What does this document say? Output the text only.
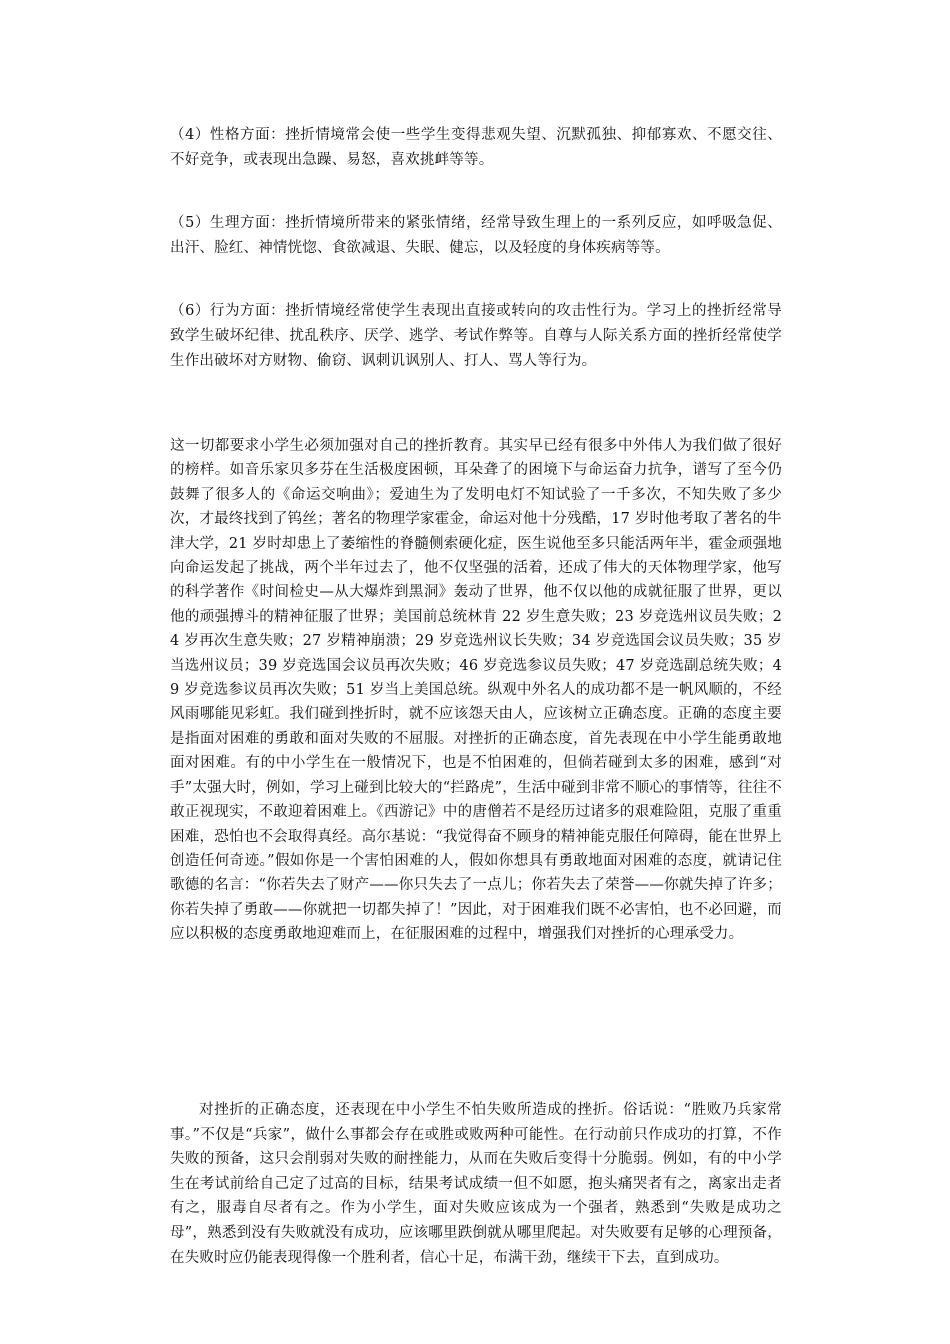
（4）性格方面：挫折情境常会使一些学生变得悲观失望、沉默孤独、抑郁寡欢、不愿交往、不好竞争，或表现出急躁、易怒，喜欢挑衅等等。

（5）生理方面：挫折情境所带来的紧张情绪，经常导致生理上的一系列反应，如呼吸急促、出汗、脸红、神情恍惚、食欲减退、失眠、健忘，以及轻度的身体疾病等等。

（6）行为方面：挫折情境经常使学生表现出直接或转向的攻击性行为。学习上的挫折经常导致学生破坏纪律、扰乱秩序、厌学、逃学、考试作弊等。自尊与人际关系方面的挫折经常使学生作出破坏对方财物、偷窃、讽刺讥讽别人、打人、骂人等行为。

这一切都要求小学生必须加强对自己的挫折教育。其实早已经有很多中外伟人为我们做了很好的榜样。如音乐家贝多芬在生活极度困顿，耳朵聋了的困境下与命运奋力抗争，谱写了至今仍鼓舞了很多人的《命运交响曲》；爱迪生为了发明电灯不知试验了一千多次，不知失败了多少次，才最终找到了钨丝；著名的物理学家霍金，命运对他十分残酷，17 岁时他考取了著名的牛津大学，21 岁时却患上了萎缩性的脊髓侧索硬化症，医生说他至多只能活两年半，霍金顽强地向命运发起了挑战，两个半年过去了，他不仅坚强的活着，还成了伟大的天体物理学家，他写的科学著作《时间检史—从大爆炸到黑洞》轰动了世界，他不仅以他的成就征服了世界，更以他的顽强搏斗的精神征服了世界；美国前总统林肯 22 岁生意失败；23 岁竞选州议员失败；24 岁再次生意失败；27 岁精神崩溃；29 岁竞选州议长失败；34 岁竞选国会议员失败；35 岁当选州议员；39 岁竞选国会议员再次失败；46 岁竞选参议员失败；47 岁竞选副总统失败；49 岁竞选参议员再次失败；51 岁当上美国总统。纵观中外名人的成功都不是一帆风顺的，不经风雨哪能见彩虹。我们碰到挫折时，就不应该怨天由人，应该树立正确态度。正确的态度主要是指面对困难的勇敢和面对失败的不屈服。对挫折的正确态度，首先表现在中小学生能勇敢地面对困难。有的中小学生在一般情况下，也是不怕困难的，但倘若碰到太多的困难，感到“对手”太强大时，例如，学习上碰到比较大的“拦路虎”，生活中碰到非常不顺心的事情等，往往不敢正视现实，不敢迎着困难上。《西游记》中的唐僧若不是经历过诸多的艰难险阻，克服了重重困难，恐怕也不会取得真经。高尔基说：“我觉得奋不顾身的精神能克服任何障碍，能在世界上创造任何奇迹。”假如你是一个害怕困难的人，假如你想具有勇敢地面对困难的态度，就请记住歌德的名言：“你若失去了财产——你只失去了一点儿；你若失去了荣誉——你就失掉了许多；你若失掉了勇敢——你就把一切都失掉了！”因此，对于困难我们既不必害怕，也不必回避，而应以积极的态度勇敢地迎难而上，在征服困难的过程中，增强我们对挫折的心理承受力。

对挫折的正确态度，还表现在中小学生不怕失败所造成的挫折。俗话说：“胜败乃兵家常事。”不仅是“兵家”，做什么事都会存在或胜或败两种可能性。在行动前只作成功的打算，不作失败的预备，这只会削弱对失败的耐挫能力，从而在失败后变得十分脆弱。例如，有的中小学生在考试前给自己定了过高的目标，结果考试成绩一但不如愿，抱头痛哭者有之，离家出走者有之，服毒自尽者有之。作为小学生，面对失败应该成为一个强者，熟悉到“失败是成功之母”，熟悉到没有失败就没有成功，应该哪里跌倒就从哪里爬起。对失败要有足够的心理预备，在失败时应仍能表现得像一个胜利者，信心十足，布满干劲，继续干下去，直到成功。
